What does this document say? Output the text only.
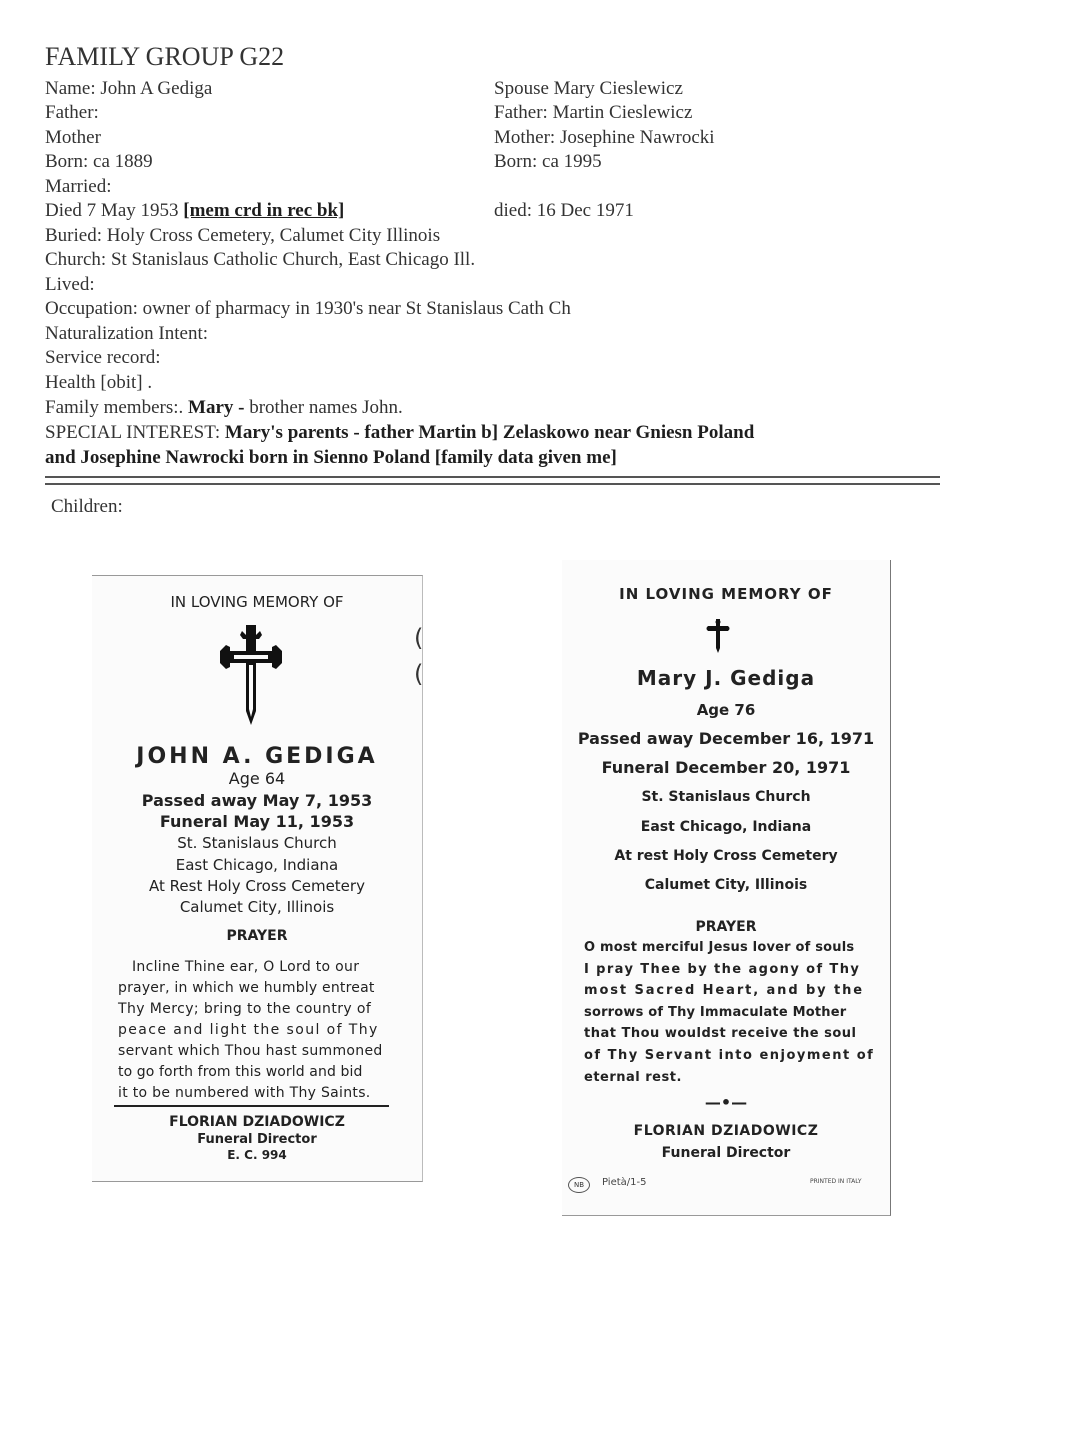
FAMILY GROUP G22
Name: John A Gediga
Father:
Mother
Born: ca 1889
Married:
Died 7 May 1953 [mem crd in rec bk]
Buried: Holy Cross Cemetery, Calumet City Illinois
Church: St Stanislaus Catholic Church, East Chicago Ill.
Lived:
Occupation: owner of pharmacy in 1930's near St Stanislaus Cath Ch
Naturalization Intent:
Service record:
Health [obit] .
Family members:. Mary - brother names John.
SPECIAL INTEREST: Mary's parents - father Martin b] Zelaskowo near Gniesn Poland
and Josephine Nawrocki born in Sienno Poland [family data given me]
Spouse Mary Cieslewicz
Father: Martin Cieslewicz
Mother: Josephine Nawrocki
Born: ca 1995
died: 16 Dec 1971
Children:
IN LOVING MEMORY OF
JOHN A. GEDIGA
Age 64
Passed away May 7, 1953
Funeral May 11, 1953
St. Stanislaus Church
East Chicago, Indiana
At Rest Holy Cross Cemetery
Calumet City, Illinois
PRAYER
Incline Thine ear, O Lord to our
prayer, in which we humbly entreat
Thy Mercy; bring to the country of
peace and light the soul of Thy
servant which Thou hast summoned
to go forth from this world and bid
it to be numbered with Thy Saints.
FLORIAN DZIADOWICZ
Funeral Director
E. C. 994
(
(
IN LOVING MEMORY OF
Mary J. Gediga
Age 76
Passed away December 16, 1971
Funeral December 20, 1971
St. Stanislaus Church
East Chicago, Indiana
At rest Holy Cross Cemetery
Calumet City, Illinois
PRAYER
O most merciful Jesus lover of souls
I pray Thee by the agony of Thy
most Sacred Heart, and by the
sorrows of Thy Immaculate Mother
that Thou wouldst receive the soul
of Thy Servant into enjoyment of
eternal rest.
—•—
FLORIAN DZIADOWICZ
Funeral Director
NB	Pietà/1-5	PRINTED IN ITALY
